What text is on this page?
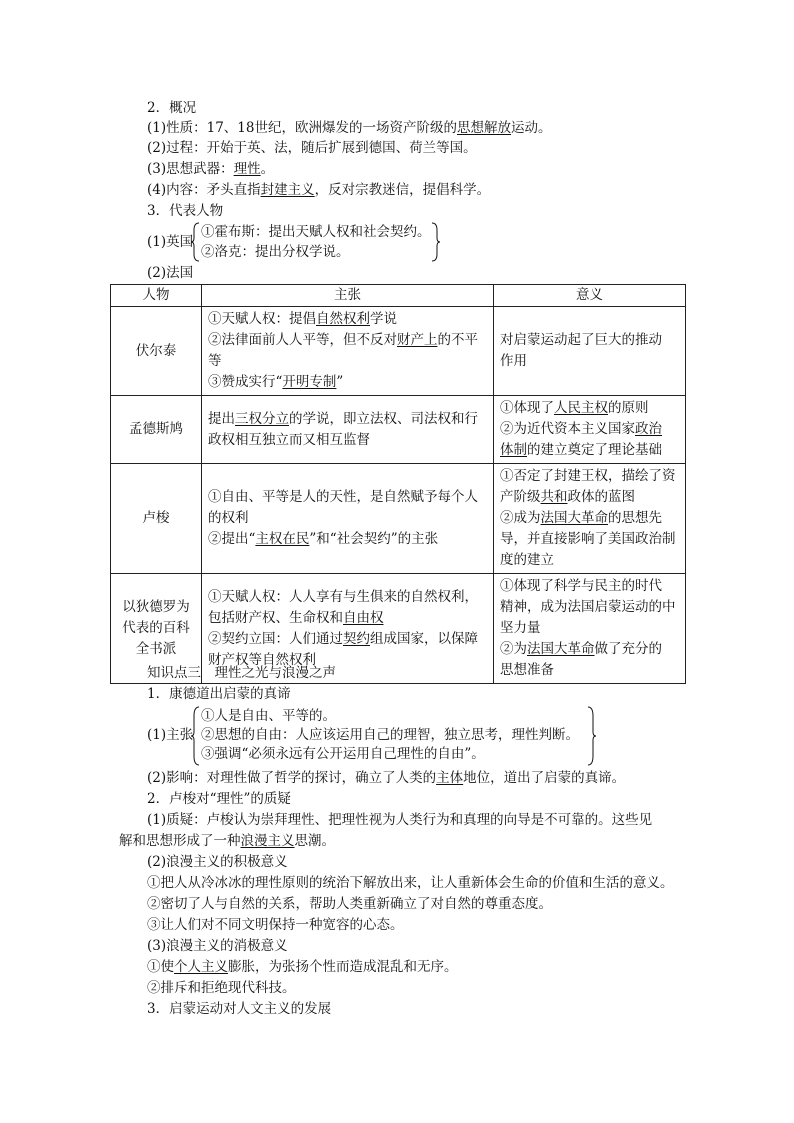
2．概况
(1)性质：17、18世纪，欧洲爆发的一场资产阶级的思想解放运动。
(2)过程：开始于英、法，随后扩展到德国、荷兰等国。
(3)思想武器：理性。
(4)内容：矛头直指封建主义，反对宗教迷信，提倡科学。
3．代表人物
(1)英国
①霍布斯：提出天赋人权和社会契约。
②洛克：提出分权学说。
(2)法国
人物	主张	意义
伏尔泰	①天赋人权：提倡自然权利学说
②法律面前人人平等，但不反对财产上的不平
等
③赞成实行“开明专制”	对启蒙运动起了巨大的推动
作用

孟德斯鸠	提出三权分立的学说，即立法权、司法权和行
政权相互独立而又相互监督	①体现了人民主权的原则
②为近代资本主义国家政治
体制的建立奠定了理论基础

卢梭	①自由、平等是人的天性，是自然赋予每个人
的权利
②提出“主权在民”和“社会契约”的主张	①否定了封建王权，描绘了资
产阶级共和政体的蓝图
②成为法国大革命的思想先
导，并直接影响了美国政治制
度的建立

以狄德罗为
代表的百科
全书派	①天赋人权：人人享有与生俱来的自然权利，
包括财产权、生命权和自由权
②契约立国：人们通过契约组成国家，以保障
财产权等自然权利	①体现了科学与民主的时代
精神，成为法国启蒙运动的中
坚力量
②为法国大革命做了充分的
思想准备
知识点三　理性之光与浪漫之声
1．康德道出启蒙的真谛
(1)主张
①人是自由、平等的。
②思想的自由：人应该运用自己的理智，独立思考，理性判断。
③强调“必须永远有公开运用自己理性的自由”。
(2)影响：对理性做了哲学的探讨，确立了人类的主体地位，道出了启蒙的真谛。
2．卢梭对“理性”的质疑
(1)质疑：卢梭认为崇拜理性、把理性视为人类行为和真理的向导是不可靠的。这些见
解和思想形成了一种浪漫主义思潮。
(2)浪漫主义的积极意义
①把人从冷冰冰的理性原则的统治下解放出来，让人重新体会生命的价值和生活的意义。
②密切了人与自然的关系，帮助人类重新确立了对自然的尊重态度。
③让人们对不同文明保持一种宽容的心态。
(3)浪漫主义的消极意义
①使个人主义膨胀，为张扬个性而造成混乱和无序。
②排斥和拒绝现代科技。
3．启蒙运动对人文主义的发展
